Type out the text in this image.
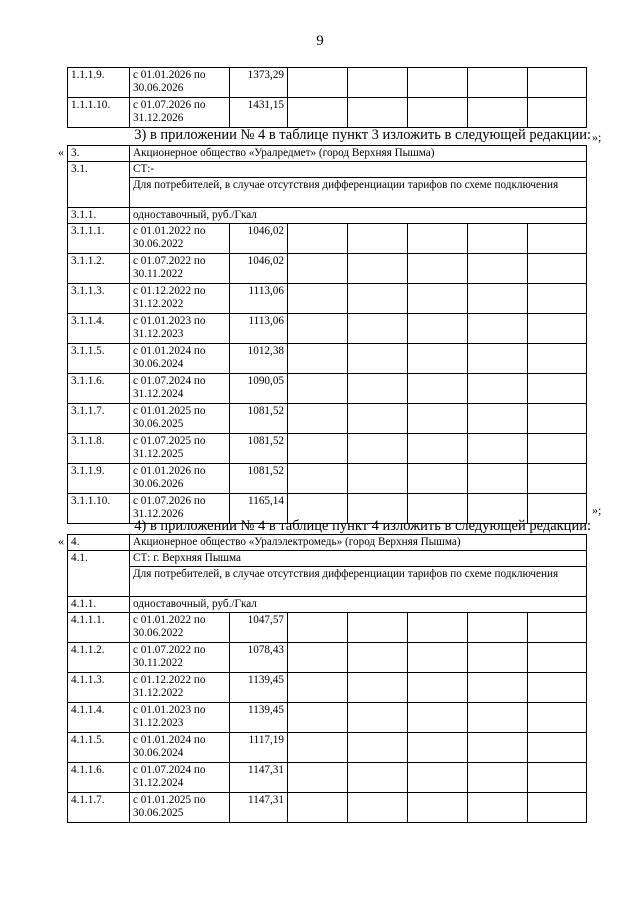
9
1.1.1.9.	с 01.01.2026 по
30.06.2026	1373,29					
1.1.1.10.	с 01.07.2026 по
31.12.2026	1431,15					
»;
3) в приложении № 4 в таблице пункт 3 изложить в следующей редакции:
« 3.	Акционерное общество «Уралредмет» (город Верхняя Пышма)						
3.1.	СТ:-						
	Для потребителей, в случае отсутствия дифференциации тарифов по схеме подключения						
3.1.1.	одноставочный, руб./Гкал						
3.1.1.1.	с 01.01.2022 по
30.06.2022	1046,02					
3.1.1.2.	с 01.07.2022 по
30.11.2022	1046,02					
3.1.1.3.	с 01.12.2022 по
31.12.2022	1113,06					
3.1.1.4.	с 01.01.2023 по
31.12.2023	1113,06					
3.1.1.5.	с 01.01.2024 по
30.06.2024	1012,38					
3.1.1.6.	с 01.07.2024 по
31.12.2024	1090,05					
3.1.1.7.	с 01.01.2025 по
30.06.2025	1081,52					
3.1.1.8.	с 01.07.2025 по
31.12.2025	1081,52					
3.1.1.9.	с 01.01.2026 по
30.06.2026	1081,52					
3.1.1.10.	с 01.07.2026 по
31.12.2026	1165,14					
»;
4) в приложении № 4 в таблице пункт 4 изложить в следующей редакции:
« 4.	Акционерное общество «Уралэлектромедь» (город Верхняя Пышма)						
4.1.	СТ: г. Верхняя Пышма						
	Для потребителей, в случае отсутствия дифференциации тарифов по схеме подключения						
4.1.1.	одноставочный, руб./Гкал						
4.1.1.1.	с 01.01.2022 по
30.06.2022	1047,57					
4.1.1.2.	с 01.07.2022 по
30.11.2022	1078,43					
4.1.1.3.	с 01.12.2022 по
31.12.2022	1139,45					
4.1.1.4.	с 01.01.2023 по
31.12.2023	1139,45					
4.1.1.5.	с 01.01.2024 по
30.06.2024	1117,19					
4.1.1.6.	с 01.07.2024 по
31.12.2024	1147,31					
4.1.1.7.	с 01.01.2025 по
30.06.2025	1147,31					
